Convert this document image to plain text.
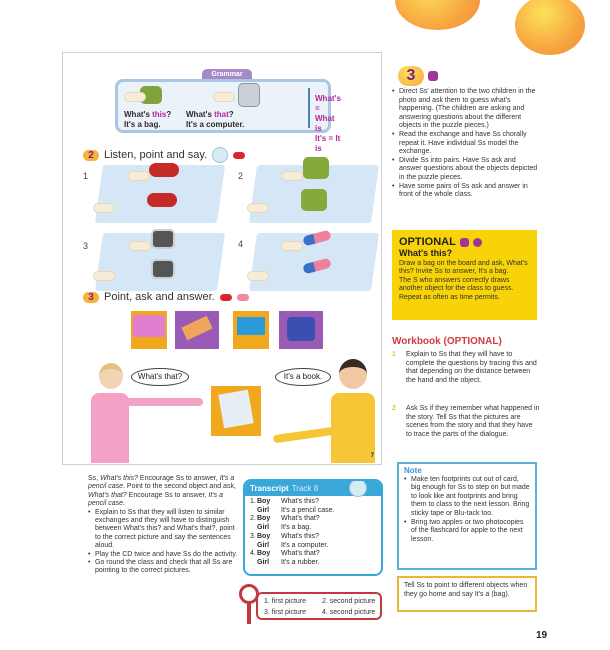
Grammar
What's this?
It's a bag.
What's that?
It's a computer.
What's = What is
It's = It is
2 Listen, point and say.
1	2
3	4
3 Point, ask and answer.
What's that?	It's a book.
7

Ss, What's this? Encourage Ss to answer, It's a pencil case. Point to the second object and ask, What's that? Encourage Ss to answer, It's a pencil case.

• Explain to Ss that they will listen to similar exchanges and they will have to distinguish between What's this? and What's that?, point to the correct picture and say the sentences aloud.
• Play the CD twice and have Ss do the activity.
• Go round the class and check that all Ss are pointing to the correct pictures.
Transcript Track 8
1. Boy	What's this?
Girl	It's a pencil case.
2. Boy	What's that?
Girl	It's a bag.
3. Boy	What's this?
Girl	It's a computer.
4. Boy	What's that?
Girl	It's a rubber.
1. first picture	2. second picture
3. first picture	4. second picture
3
• Direct Ss' attention to the two children in the photo and ask them to guess what's happening. (The children are asking and answering questions about the different objects in the puzzle pieces.)
• Read the exchange and have Ss chorally repeat it. Have individual Ss model the exchange.
• Divide Ss into pairs. Have Ss ask and answer questions about the objects depicted in the puzzle pieces.
• Have some pairs of Ss ask and answer in front of the whole class.
OPTIONAL
What's this?
Draw a bag on the board and ask, What's this? Invite Ss to answer, It's a bag.
The S who answers correctly draws another object for the class to guess.
Repeat as often as time permits.
Workbook (OPTIONAL)
1 Explain to Ss that they will have to complete the questions by tracing this and that depending on the distance between the hand and the object.
2 Ask Ss if they remember what happened in the story. Tell Ss that the pictures are scenes from the story and that they have to trace the parts of the dialogue.
Note
• Make ten footprints cut out of card, big enough for Ss to step on but made to look like ant footprints and bring them to class to the next lesson. Bring sticky tape or Blu-tack too.
• Bring two apples or two photocopies of the flashcard for apple to the next lesson.
Tell Ss to point to different objects when they go home and say It's a (bag).
19
